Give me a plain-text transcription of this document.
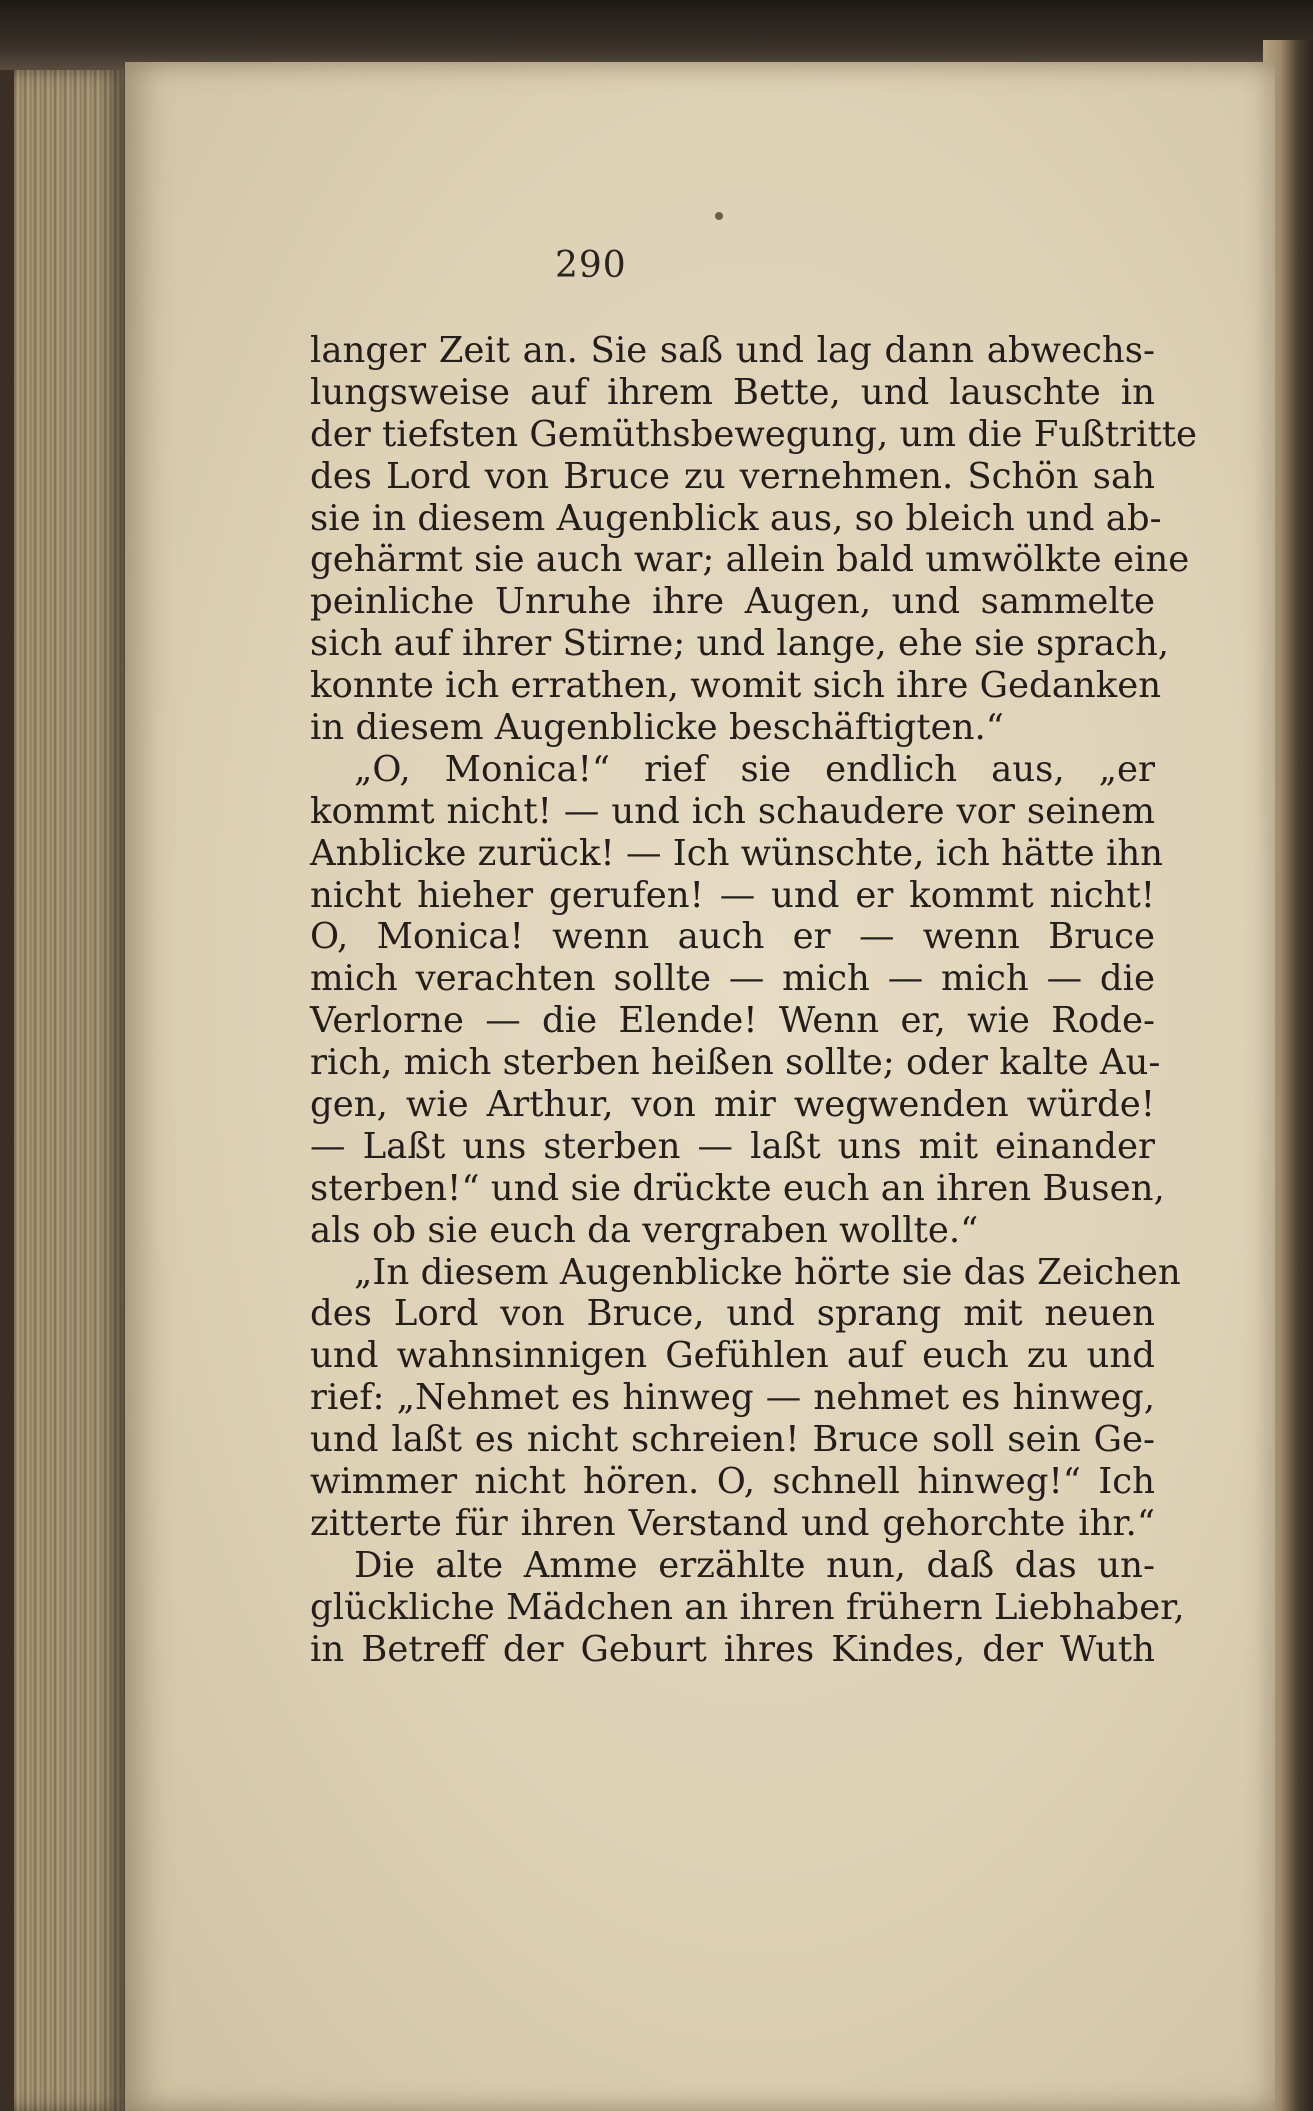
290
langer Zeit an. Sie saß und lag dann abwechs-
lungsweise auf ihrem Bette, und lauschte in
der tiefsten Gemüthsbewegung, um die Fußtritte
des Lord von Bruce zu vernehmen. Schön sah
sie in diesem Augenblick aus, so bleich und ab-
gehärmt sie auch war; allein bald umwölkte eine
peinliche Unruhe ihre Augen, und sammelte
sich auf ihrer Stirne; und lange, ehe sie sprach,
konnte ich errathen, womit sich ihre Gedanken
in diesem Augenblicke beschäftigten.“
„O, Monica!“ rief sie endlich aus, „er
kommt nicht! — und ich schaudere vor seinem
Anblicke zurück! — Ich wünschte, ich hätte ihn
nicht hieher gerufen! — und er kommt nicht!
O, Monica! wenn auch er — wenn Bruce
mich verachten sollte — mich — mich — die
Verlorne — die Elende! Wenn er, wie Rode-
rich, mich sterben heißen sollte; oder kalte Au-
gen, wie Arthur, von mir wegwenden würde!
— Laßt uns sterben — laßt uns mit einander
sterben!“ und sie drückte euch an ihren Busen,
als ob sie euch da vergraben wollte.“
„In diesem Augenblicke hörte sie das Zeichen
des Lord von Bruce, und sprang mit neuen
und wahnsinnigen Gefühlen auf euch zu und
rief: „Nehmet es hinweg — nehmet es hinweg,
und laßt es nicht schreien! Bruce soll sein Ge-
wimmer nicht hören. O, schnell hinweg!“ Ich
zitterte für ihren Verstand und gehorchte ihr.“
Die alte Amme erzählte nun, daß das un-
glückliche Mädchen an ihren frühern Liebhaber,
in Betreff der Geburt ihres Kindes, der Wuth
